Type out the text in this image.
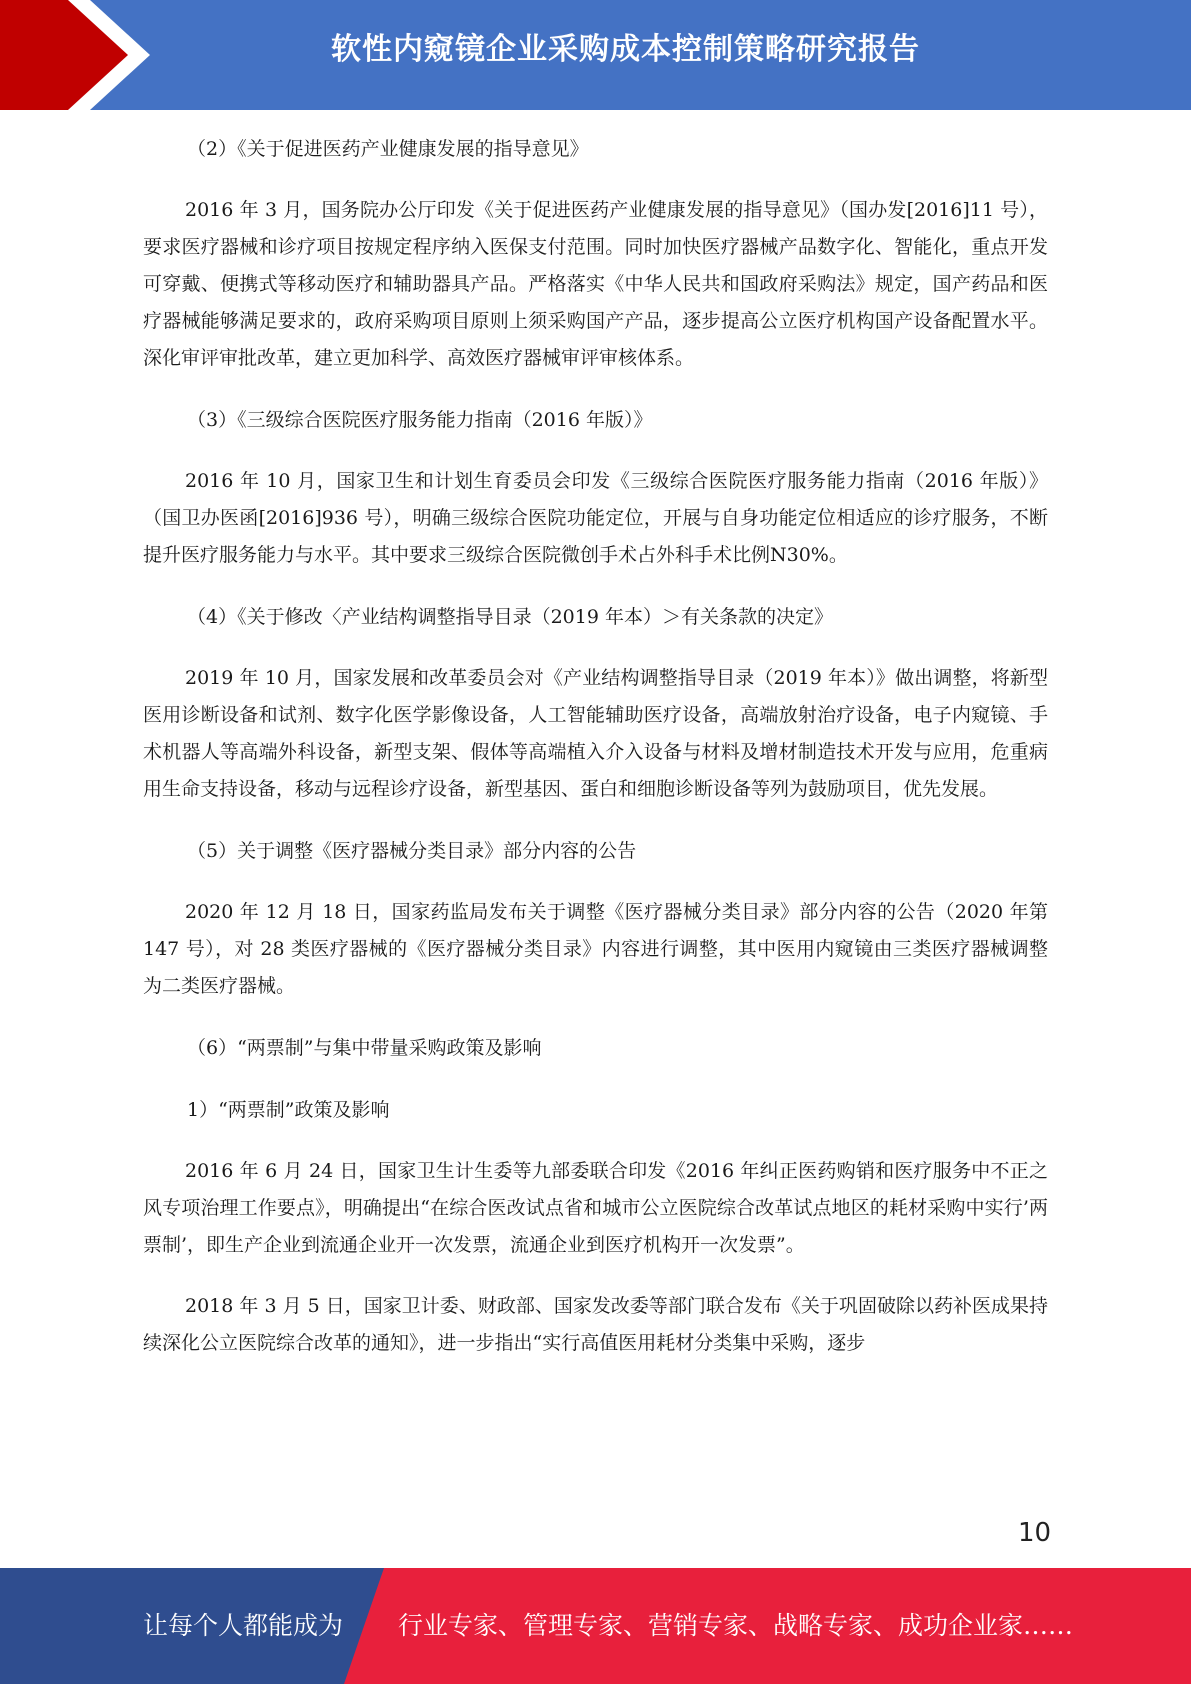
软性内窥镜企业采购成本控制策略研究报告

（2）《关于促进医药产业健康发展的指导意见》

2016 年 3 月，国务院办公厅印发《关于促进医药产业健康发展的指导意见》（国办发[2016]11 号），要求医疗器械和诊疗项目按规定程序纳入医保支付范围。同时加快医疗器械产品数字化、智能化，重点开发可穿戴、便携式等移动医疗和辅助器具产品。严格落实《中华人民共和国政府采购法》规定，国产药品和医疗器械能够满足要求的，政府采购项目原则上须采购国产产品，逐步提高公立医疗机构国产设备配置水平。深化审评审批改革，建立更加科学、高效医疗器械审评审核体系。

（3）《三级综合医院医疗服务能力指南（2016 年版）》

2016 年 10 月，国家卫生和计划生育委员会印发《三级综合医院医疗服务能力指南（2016 年版）》（国卫办医函[2016]936 号），明确三级综合医院功能定位，开展与自身功能定位相适应的诊疗服务，不断提升医疗服务能力与水平。其中要求三级综合医院微创手术占外科手术比例N30%。

（4）《关于修改〈产业结构调整指导目录（2019 年本）＞有关条款的决定》

2019 年 10 月，国家发展和改革委员会对《产业结构调整指导目录（2019 年本）》做出调整，将新型医用诊断设备和试剂、数字化医学影像设备，人工智能辅助医疗设备，高端放射治疗设备，电子内窥镜、手术机器人等高端外科设备，新型支架、假体等高端植入介入设备与材料及增材制造技术开发与应用，危重病用生命支持设备，移动与远程诊疗设备，新型基因、蛋白和细胞诊断设备等列为鼓励项目，优先发展。

（5）关于调整《医疗器械分类目录》部分内容的公告

2020 年 12 月 18 日，国家药监局发布关于调整《医疗器械分类目录》部分内容的公告（2020 年第 147 号），对 28 类医疗器械的《医疗器械分类目录》内容进行调整，其中医用内窥镜由三类医疗器械调整为二类医疗器械。

（6）“两票制”与集中带量采购政策及影响

1）“两票制”政策及影响

2016 年 6 月 24 日，国家卫生计生委等九部委联合印发《2016 年纠正医药购销和医疗服务中不正之风专项治理工作要点》，明确提出“在综合医改试点省和城市公立医院综合改革试点地区的耗材采购中实行’两票制’，即生产企业到流通企业开一次发票，流通企业到医疗机构开一次发票”。

2018 年 3 月 5 日，国家卫计委、财政部、国家发改委等部门联合发布《关于巩固破除以药补医成果持续深化公立医院综合改革的通知》，进一步指出“实行高值医用耗材分类集中采购，逐步

10
让每个人都能成为 行业专家、管理专家、营销专家、战略专家、成功企业家……
